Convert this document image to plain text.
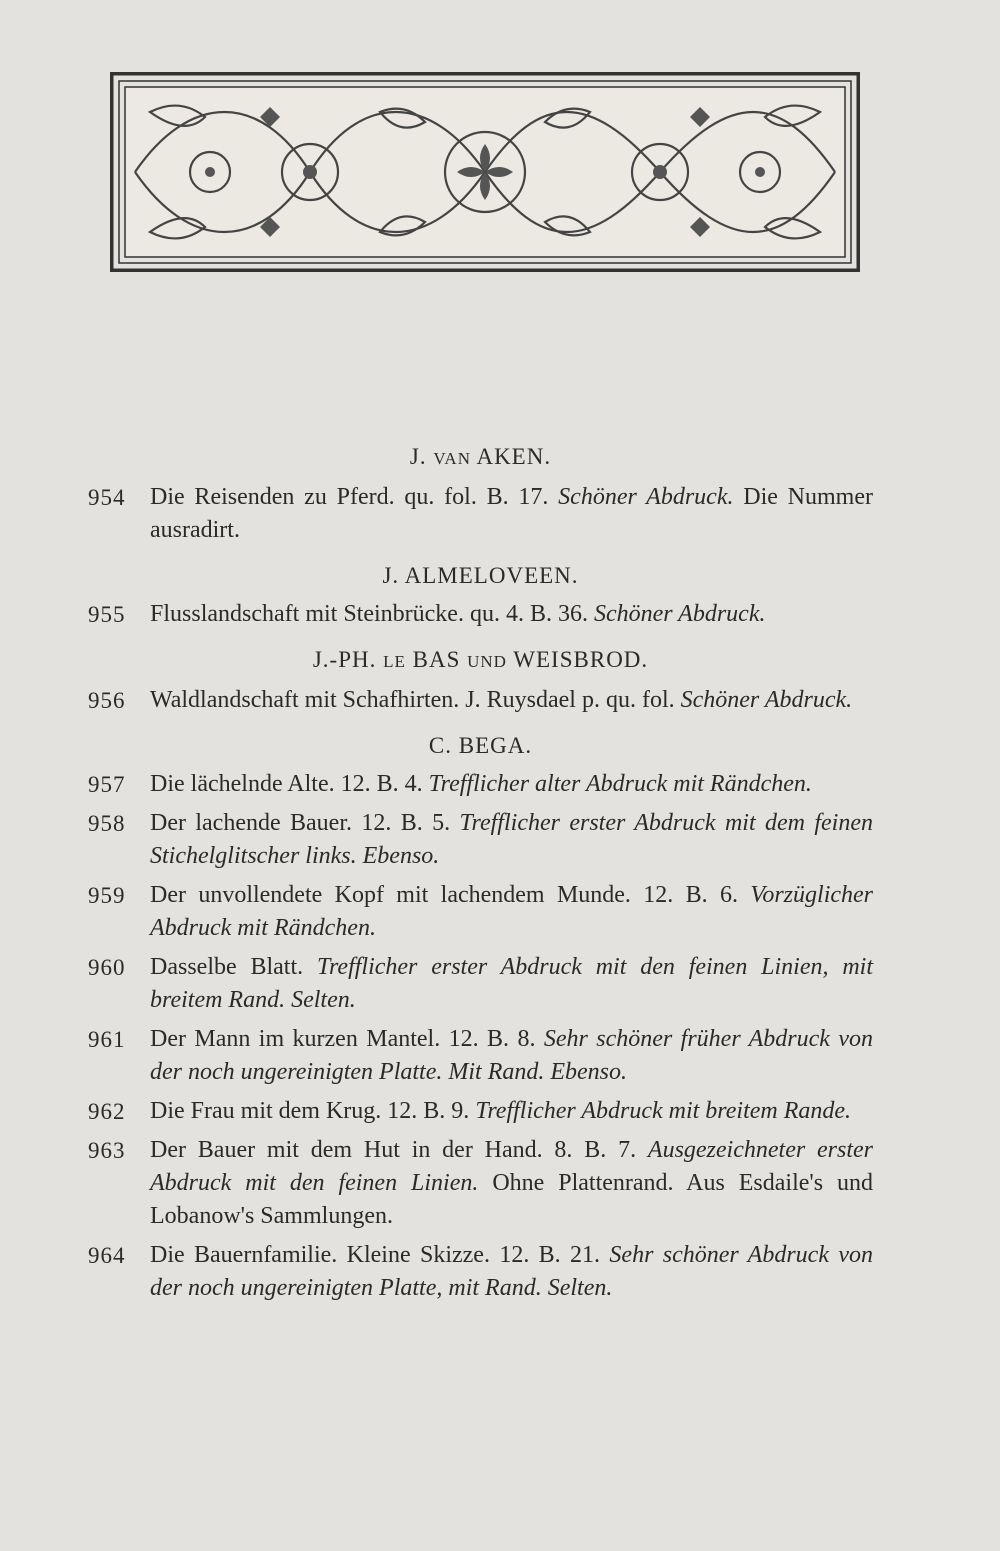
J. VAN AKEN.
954	Die Reisenden zu Pferd. qu. fol. B. 17. Schöner Abdruck. Die Nummer ausradirt.
J. ALMELOVEEN.
955	Flusslandschaft mit Steinbrücke. qu. 4. B. 36. Schöner Abdruck.
J.-PH. LE BAS UND WEISBROD.
956	Waldlandschaft mit Schafhirten. J. Ruysdael p. qu. fol. Schöner Abdruck.
C. BEGA.
957	Die lächelnde Alte. 12. B. 4. Trefflicher alter Abdruck mit Rändchen.
958	Der lachende Bauer. 12. B. 5. Trefflicher erster Abdruck mit dem feinen Stichelglitscher links. Ebenso.
959	Der unvollendete Kopf mit lachendem Munde. 12. B. 6. Vorzüglicher Abdruck mit Rändchen.
960	Dasselbe Blatt. Trefflicher erster Abdruck mit den feinen Linien, mit breitem Rand. Selten.
961	Der Mann im kurzen Mantel. 12. B. 8. Sehr schöner früher Abdruck von der noch ungereinigten Platte. Mit Rand. Ebenso.
962	Die Frau mit dem Krug. 12. B. 9. Trefflicher Abdruck mit breitem Rande.
963	Der Bauer mit dem Hut in der Hand. 8. B. 7. Ausgezeichneter erster Abdruck mit den feinen Linien. Ohne Plattenrand. Aus Esdaile's und Lobanow's Sammlungen.
964	Die Bauernfamilie. Kleine Skizze. 12. B. 21. Sehr schöner Abdruck von der noch ungereinigten Platte, mit Rand. Selten.
